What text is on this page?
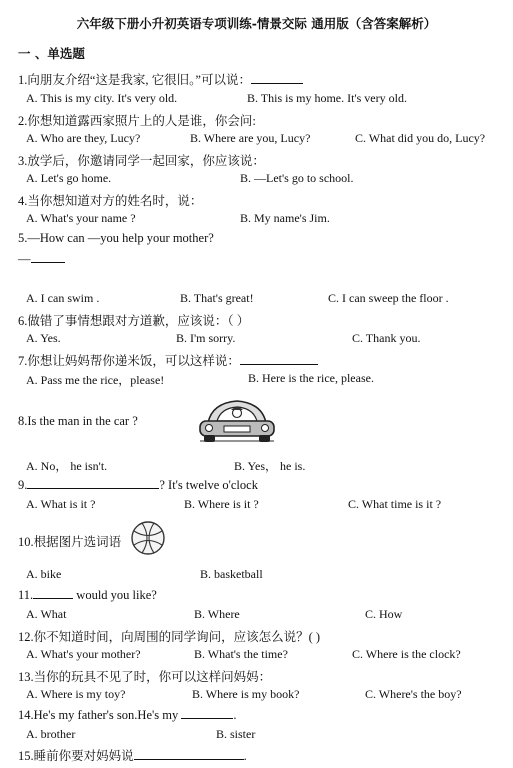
六年级下册小升初英语专项训练-情景交际 通用版（含答案解析）
一 、单选题
1.向朋友介绍“这是我家, 它很旧。”可以说：
A. This is my city. It's very old.	B. This is my home. It's very old.
2.你想知道露西家照片上的人是谁，你会问:
A. Who are they, Lucy?	B. Where are you, Lucy?	C. What did you do, Lucy?
3.放学后，你邀请同学一起回家，你应该说：
A. Let's go home.	B. —Let's go to school.
4.当你想知道对方的姓名时，说：
A. What's your name ?	B. My name's Jim.
5.—How can —you help your mother?
—
A. I can swim .	B. That's great!	C. I can sweep the floor .
6.做错了事情想跟对方道歉，应该说：（ ）
A. Yes.	B. I'm sorry.	C. Thank you.
7.你想让妈妈帮你递米饭，可以这样说：
A. Pass me the rice，please!	B. Here is the rice, please.
8.Is the man in the car ?
A. No， he isn't.	B. Yes， he is.
9.	? It's twelve o'clock
A. What is it ?	B. Where is it ?	C. What time is it ?
10.根据图片选词语
A. bike	B. basketball
11.	would you like?
A. What	B. Where	C. How
12.你不知道时间，向周围的同学询问，应该怎么说？( )
A. What's your mother?	B. What's the time?	C. Where is the clock?
13.当你的玩具不见了时，你可以这样问妈妈：
A. Where is my toy?	B. Where is my book?	C. Where's the boy?
14.He's my father's son.He's my	.
A. brother	B. sister
15.睡前你要对妈妈说	.
